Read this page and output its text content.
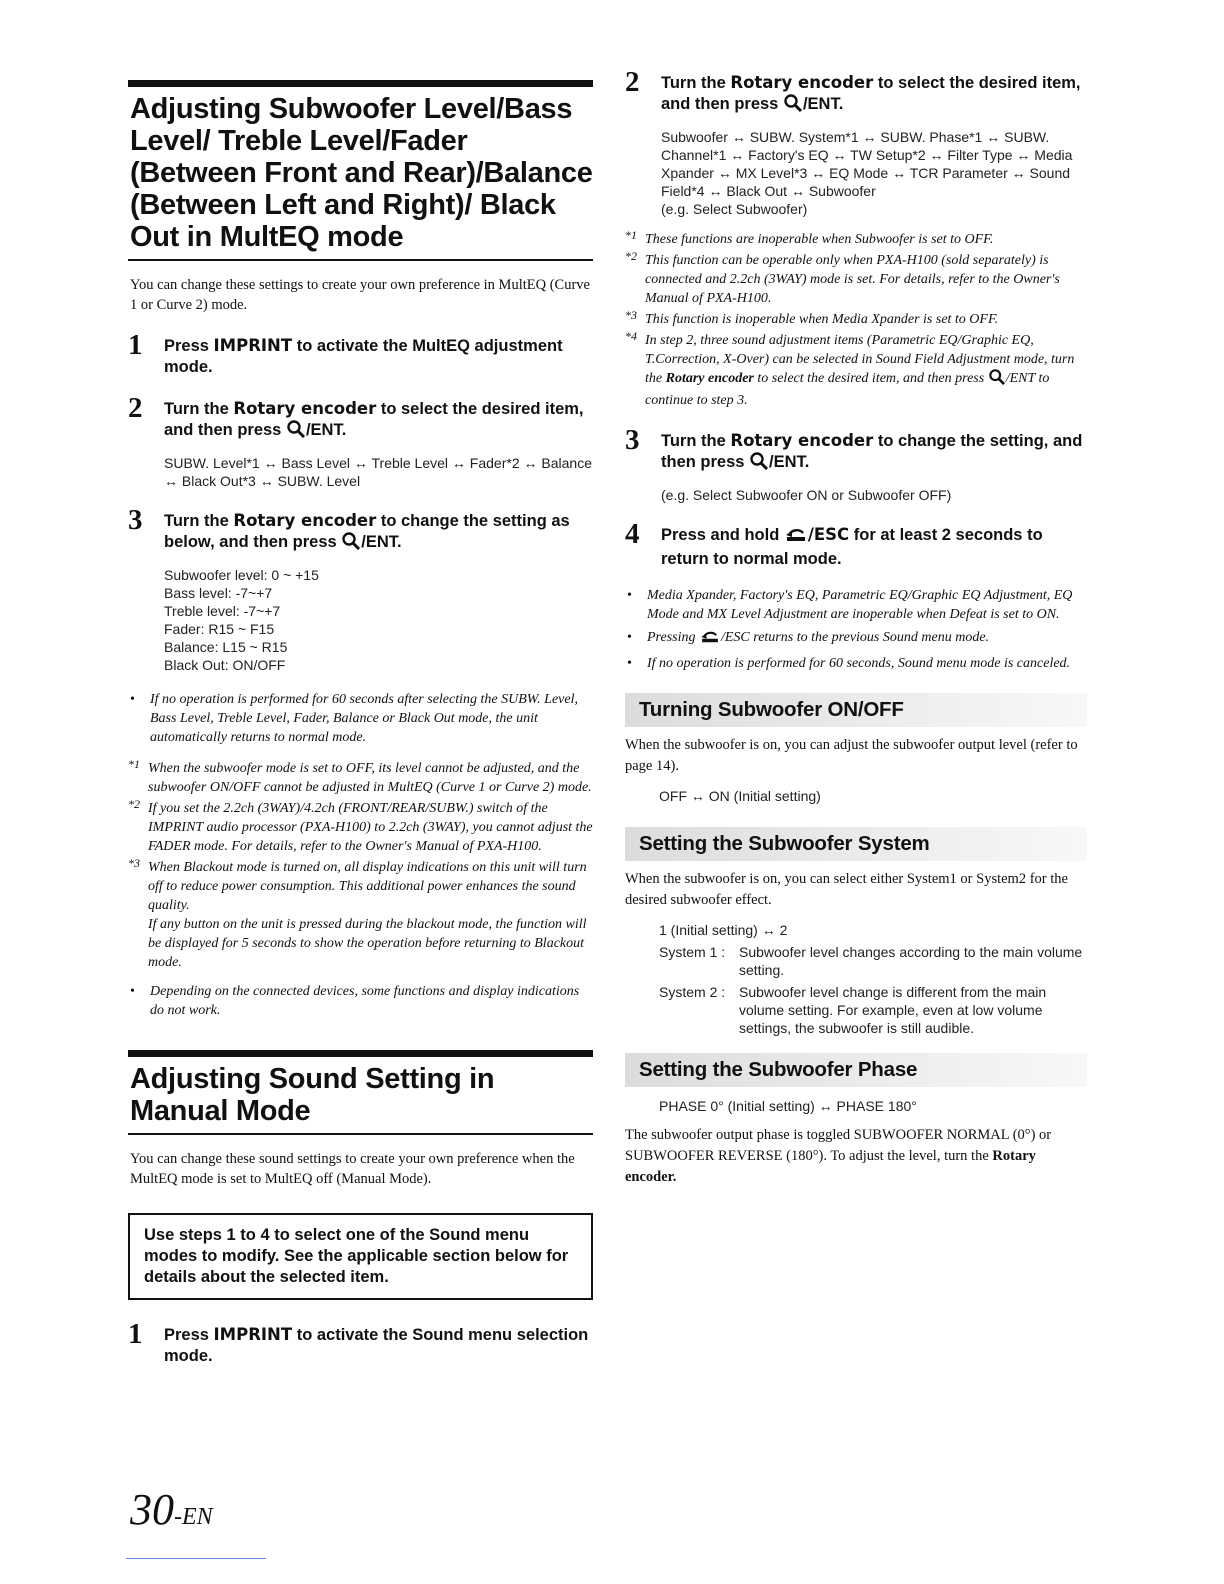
Adjusting Subwoofer Level/Bass Level/ Treble Level/Fader (Between Front and Rear)/Balance (Between Left and Right)/ Black Out in MultEQ mode
You can change these settings to create your own preference in MultEQ (Curve 1 or Curve 2) mode.
1	Press IMPRINT to activate the MultEQ adjustment mode.
2	Turn the Rotary encoder to select the desired item, and then press /ENT.
SUBW. Level*1 ↔ Bass Level ↔ Treble Level ↔ Fader*2 ↔ Balance ↔ Black Out*3 ↔ SUBW. Level
3	Turn the Rotary encoder to change the setting as below, and then press /ENT.
Subwoofer level: 0 ~ +15
Bass level: -7~+7
Treble level: -7~+7
Fader: R15 ~ F15
Balance: L15 ~ R15
Black Out: ON/OFF
• If no operation is performed for 60 seconds after selecting the SUBW. Level, Bass Level, Treble Level, Fader, Balance or Black Out mode, the unit automatically returns to normal mode.
*1 When the subwoofer mode is set to OFF, its level cannot be adjusted, and the subwoofer ON/OFF cannot be adjusted in MultEQ (Curve 1 or Curve 2) mode.
*2 If you set the 2.2ch (3WAY)/4.2ch (FRONT/REAR/SUBW.) switch of the IMPRINT audio processor (PXA-H100) to 2.2ch (3WAY), you cannot adjust the FADER mode. For details, refer to the Owner's Manual of PXA-H100.
*3 When Blackout mode is turned on, all display indications on this unit will turn off to reduce power consumption. This additional power enhances the sound quality.
If any button on the unit is pressed during the blackout mode, the function will be displayed for 5 seconds to show the operation before returning to Blackout mode.
• Depending on the connected devices, some functions and display indications do not work.
Adjusting Sound Setting in Manual Mode
You can change these sound settings to create your own preference when the MultEQ mode is set to MultEQ off (Manual Mode).
Use steps 1 to 4 to select one of the Sound menu modes to modify. See the applicable section below for details about the selected item.
1	Press IMPRINT to activate the Sound menu selection mode.
2	Turn the Rotary encoder to select the desired item, and then press /ENT.
Subwoofer ↔ SUBW. System*1 ↔ SUBW. Phase*1 ↔ SUBW. Channel*1 ↔ Factory's EQ ↔ TW Setup*2 ↔ Filter Type ↔ Media Xpander ↔ MX Level*3 ↔ EQ Mode ↔ TCR Parameter ↔ Sound Field*4 ↔ Black Out ↔ Subwoofer
(e.g. Select Subwoofer)
*1 These functions are inoperable when Subwoofer is set to OFF.
*2 This function can be operable only when PXA-H100 (sold separately) is connected and 2.2ch (3WAY) mode is set. For details, refer to the Owner's Manual of PXA-H100.
*3 This function is inoperable when Media Xpander is set to OFF.
*4 In step 2, three sound adjustment items (Parametric EQ/Graphic EQ, T.Correction, X-Over) can be selected in Sound Field Adjustment mode, turn the Rotary encoder to select the desired item, and then press /ENT to continue to step 3.
3	Turn the Rotary encoder to change the setting, and then press /ENT.
(e.g. Select Subwoofer ON or Subwoofer OFF)
4	Press and hold /ESC for at least 2 seconds to return to normal mode.
• Media Xpander, Factory's EQ, Parametric EQ/Graphic EQ Adjustment, EQ Mode and MX Level Adjustment are inoperable when Defeat is set to ON.
• Pressing /ESC returns to the previous Sound menu mode.
• If no operation is performed for 60 seconds, Sound menu mode is canceled.
Turning Subwoofer ON/OFF
When the subwoofer is on, you can adjust the subwoofer output level (refer to page 14).
OFF ↔ ON (Initial setting)
Setting the Subwoofer System
When the subwoofer is on, you can select either System1 or System2 for the desired subwoofer effect.
1 (Initial setting) ↔ 2
System 1 : Subwoofer level changes according to the main volume setting.
System 2 : Subwoofer level change is different from the main volume setting. For example, even at low volume settings, the subwoofer is still audible.
Setting the Subwoofer Phase
PHASE 0° (Initial setting) ↔ PHASE 180°
The subwoofer output phase is toggled SUBWOOFER NORMAL (0°) or SUBWOOFER REVERSE (180°). To adjust the level, turn the Rotary encoder.
30-EN
